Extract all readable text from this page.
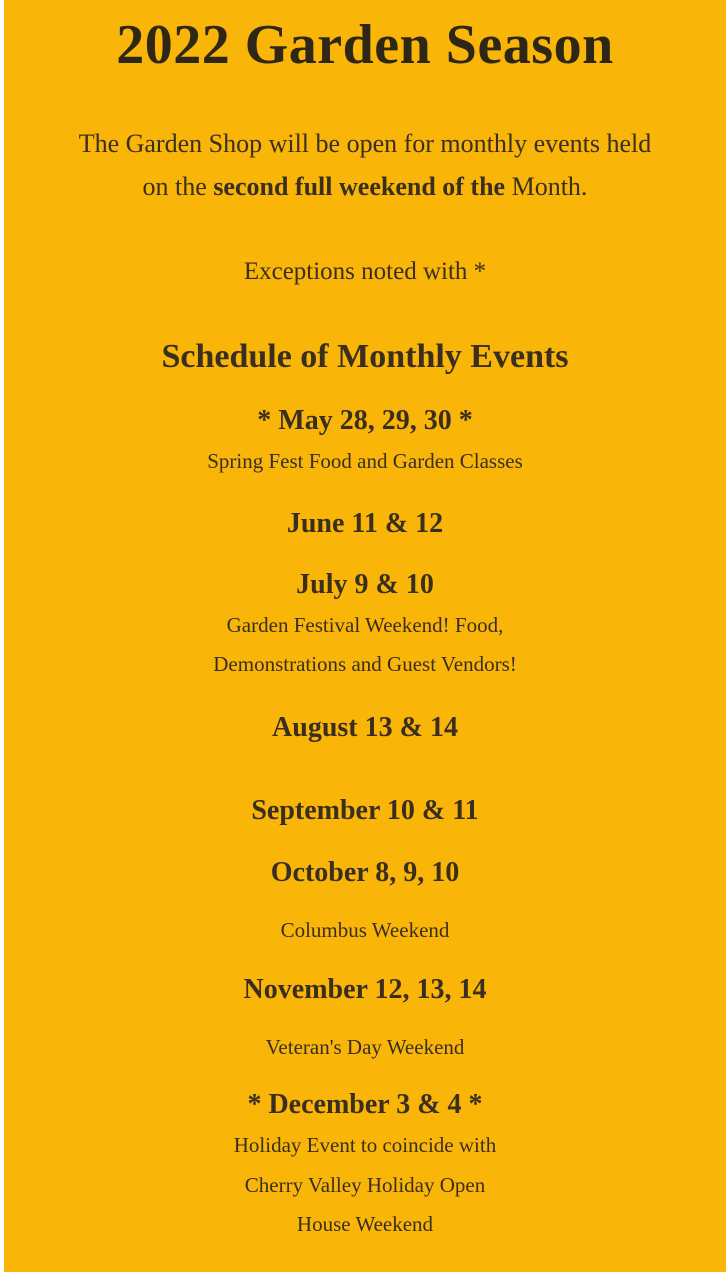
2022 Garden Season

The Garden Shop will be open for monthly events held

on the second full weekend of the Month.

Exceptions noted with *

Schedule of Monthly Events
* May 28, 29, 30 *
Spring Fest Food and Garden Classes
June 11 & 12
July 9 & 10
Garden Festival Weekend! Food,
Demonstrations and Guest Vendors!
August 13 & 14
September 10 & 11
October 8, 9, 10
Columbus Weekend
November 12, 13, 14
Veteran's Day Weekend
* December 3 & 4 *
Holiday Event to coincide with
Cherry Valley Holiday Open
House Weekend
